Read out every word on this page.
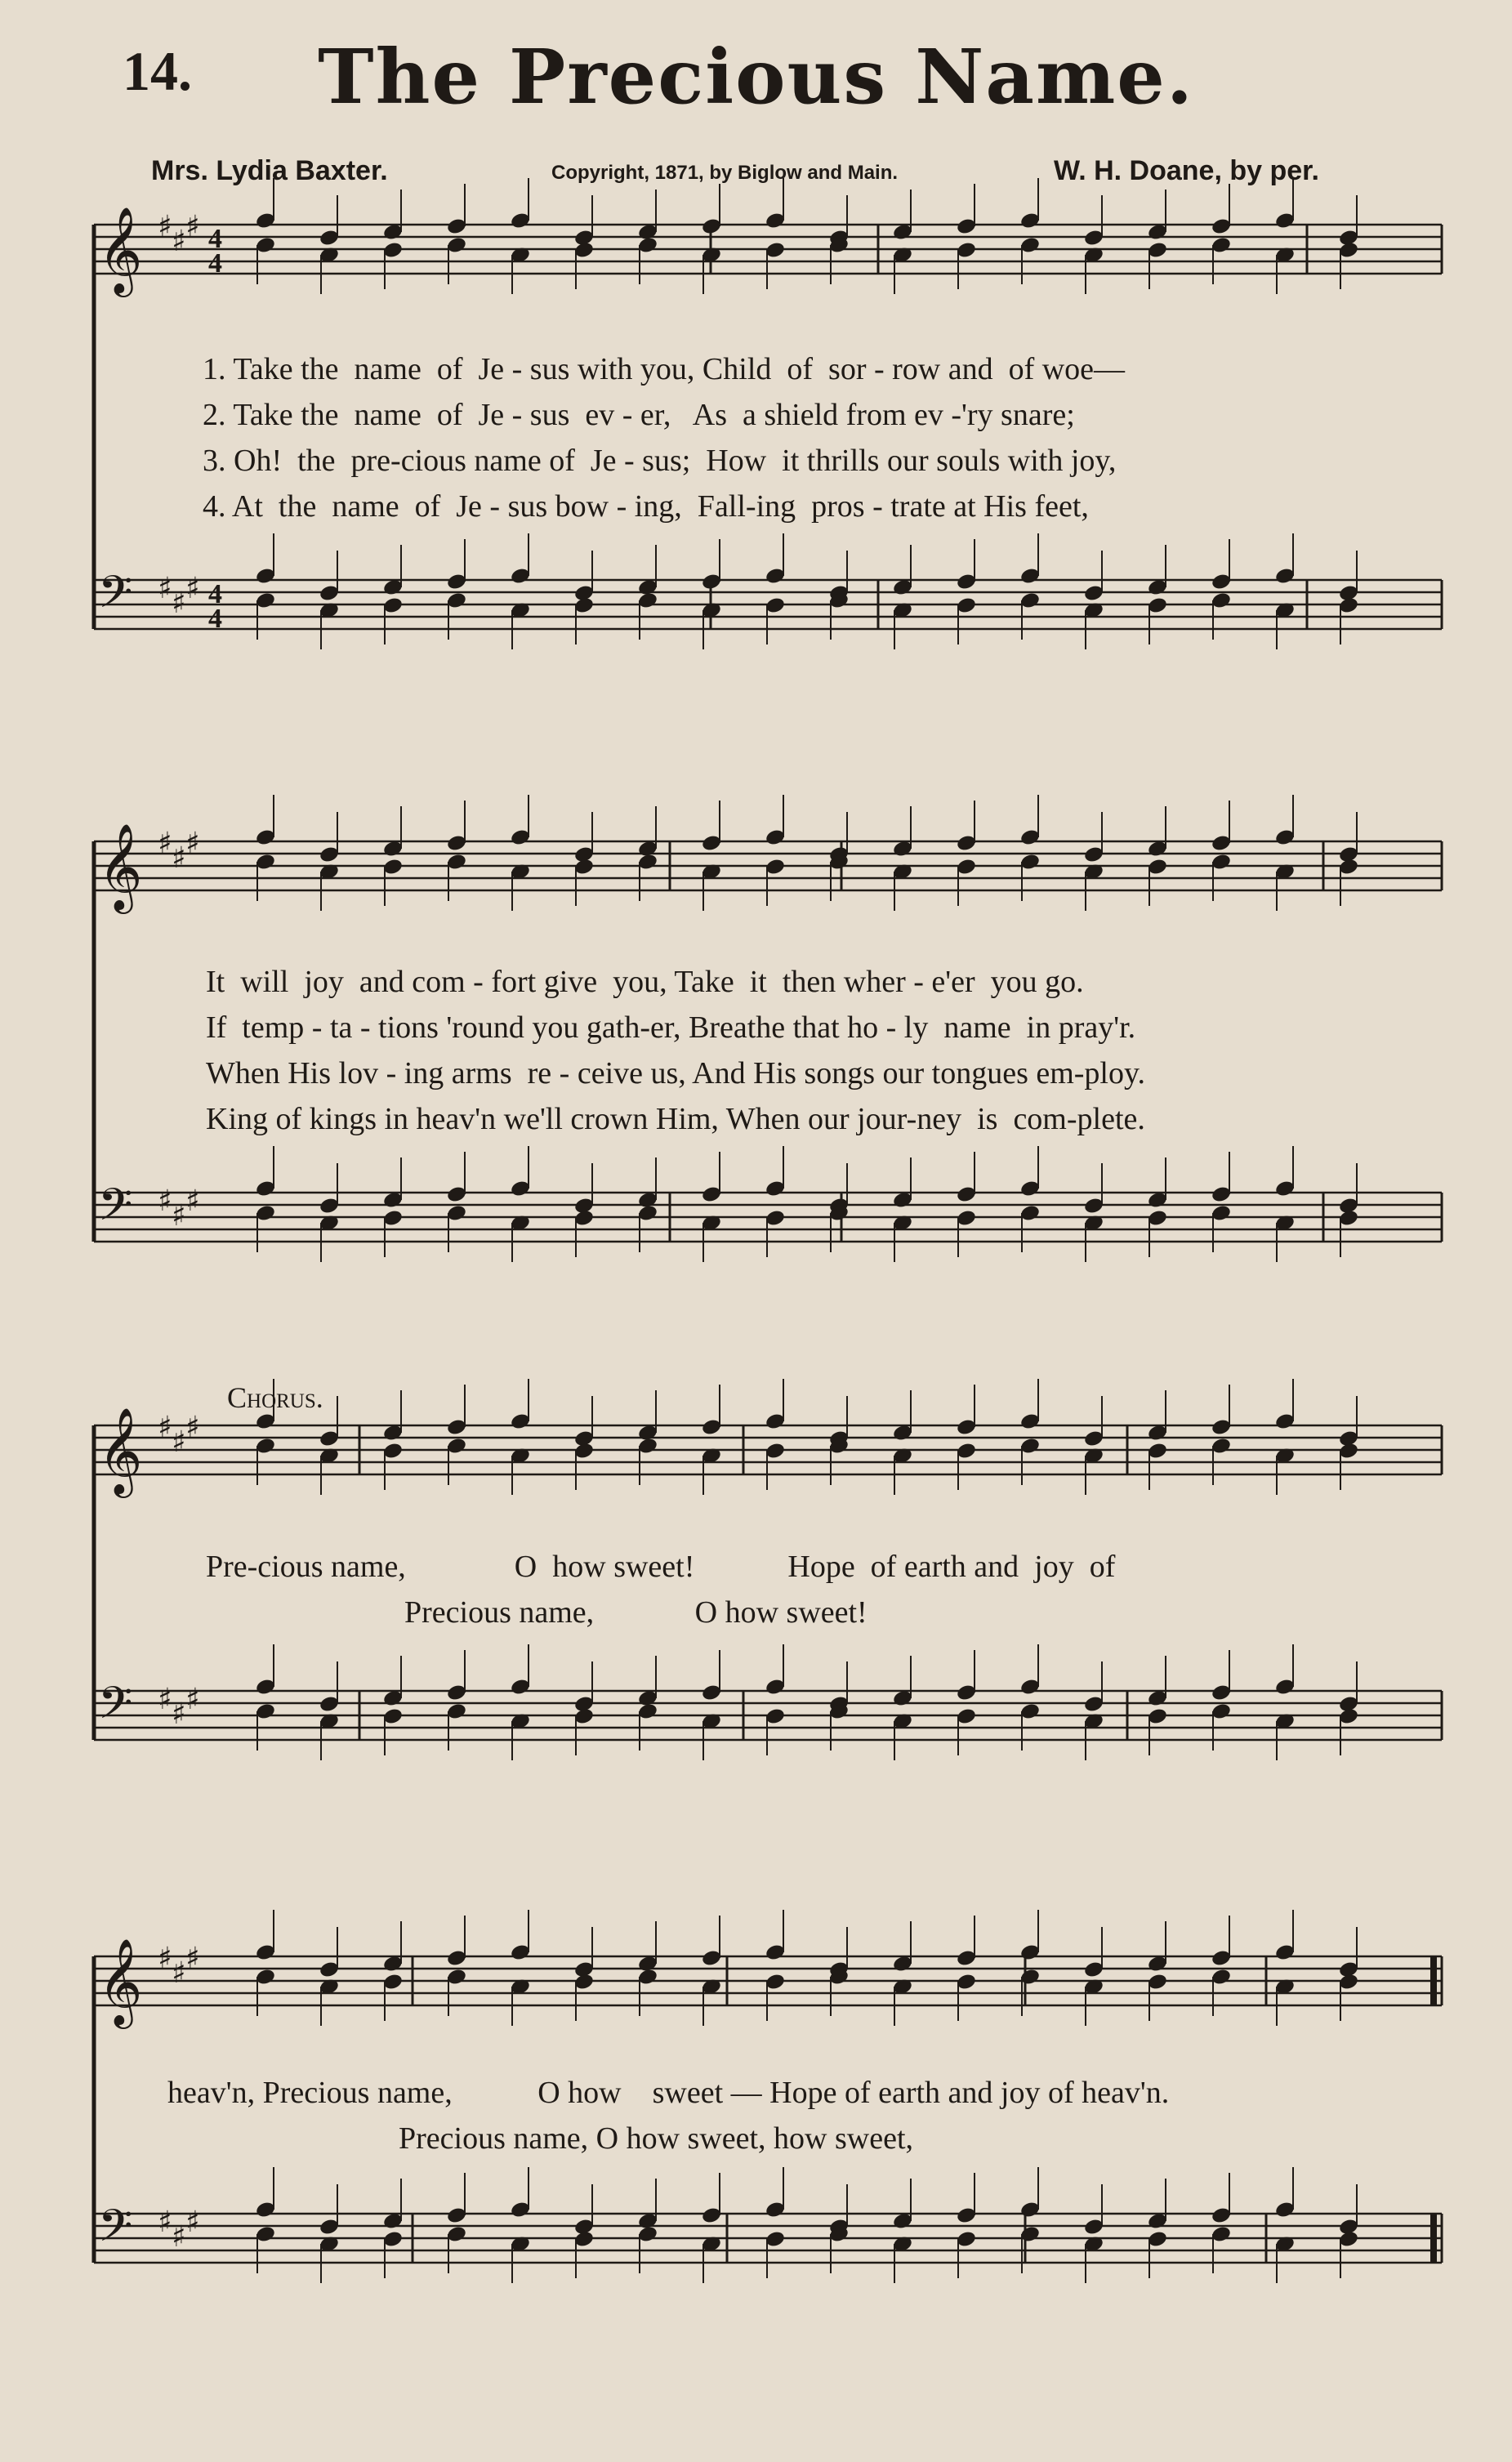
14.	The Precious Name.
Mrs. Lydia Baxter.	Copyright, 1871, by Biglow and Main.	W. H. Doane, by per.
𝄞
𝄢
♯ ♯ ♯
♯ ♯ ♯
4
4
4
4
𝄞
𝄢
♯ ♯ ♯
♯ ♯ ♯
𝄞
𝄢
♯ ♯ ♯
♯ ♯ ♯
𝄞
𝄢
♯ ♯ ♯
♯ ♯ ♯
1. Take the  name  of  Je - sus with you, Child  of  sor - row and  of woe—
2. Take the  name  of  Je - sus  ev - er,   As  a shield from ev -'ry snare;
3. Oh!  the  pre-cious name of  Je - sus;  How  it thrills our souls with joy,
4. At  the  name  of  Je - sus bow - ing,  Fall-ing  pros - trate at His feet,
It  will  joy  and com - fort give  you, Take  it  then wher - e'er  you go.
If  temp - ta - tions 'round you gath-er, Breathe that ho - ly  name  in pray'r.
When His lov - ing arms  re - ceive us, And His songs our tongues em-ploy.
King of kings in heav'n we'll crown Him, When our jour-ney  is  com-plete.
Chorus.
Pre-cious name,              O  how sweet!            Hope  of earth and  joy  of
Precious name,             O how sweet!
heav'n, Precious name,           O how    sweet — Hope of earth and joy of heav'n.
Precious name, O how sweet, how sweet,
